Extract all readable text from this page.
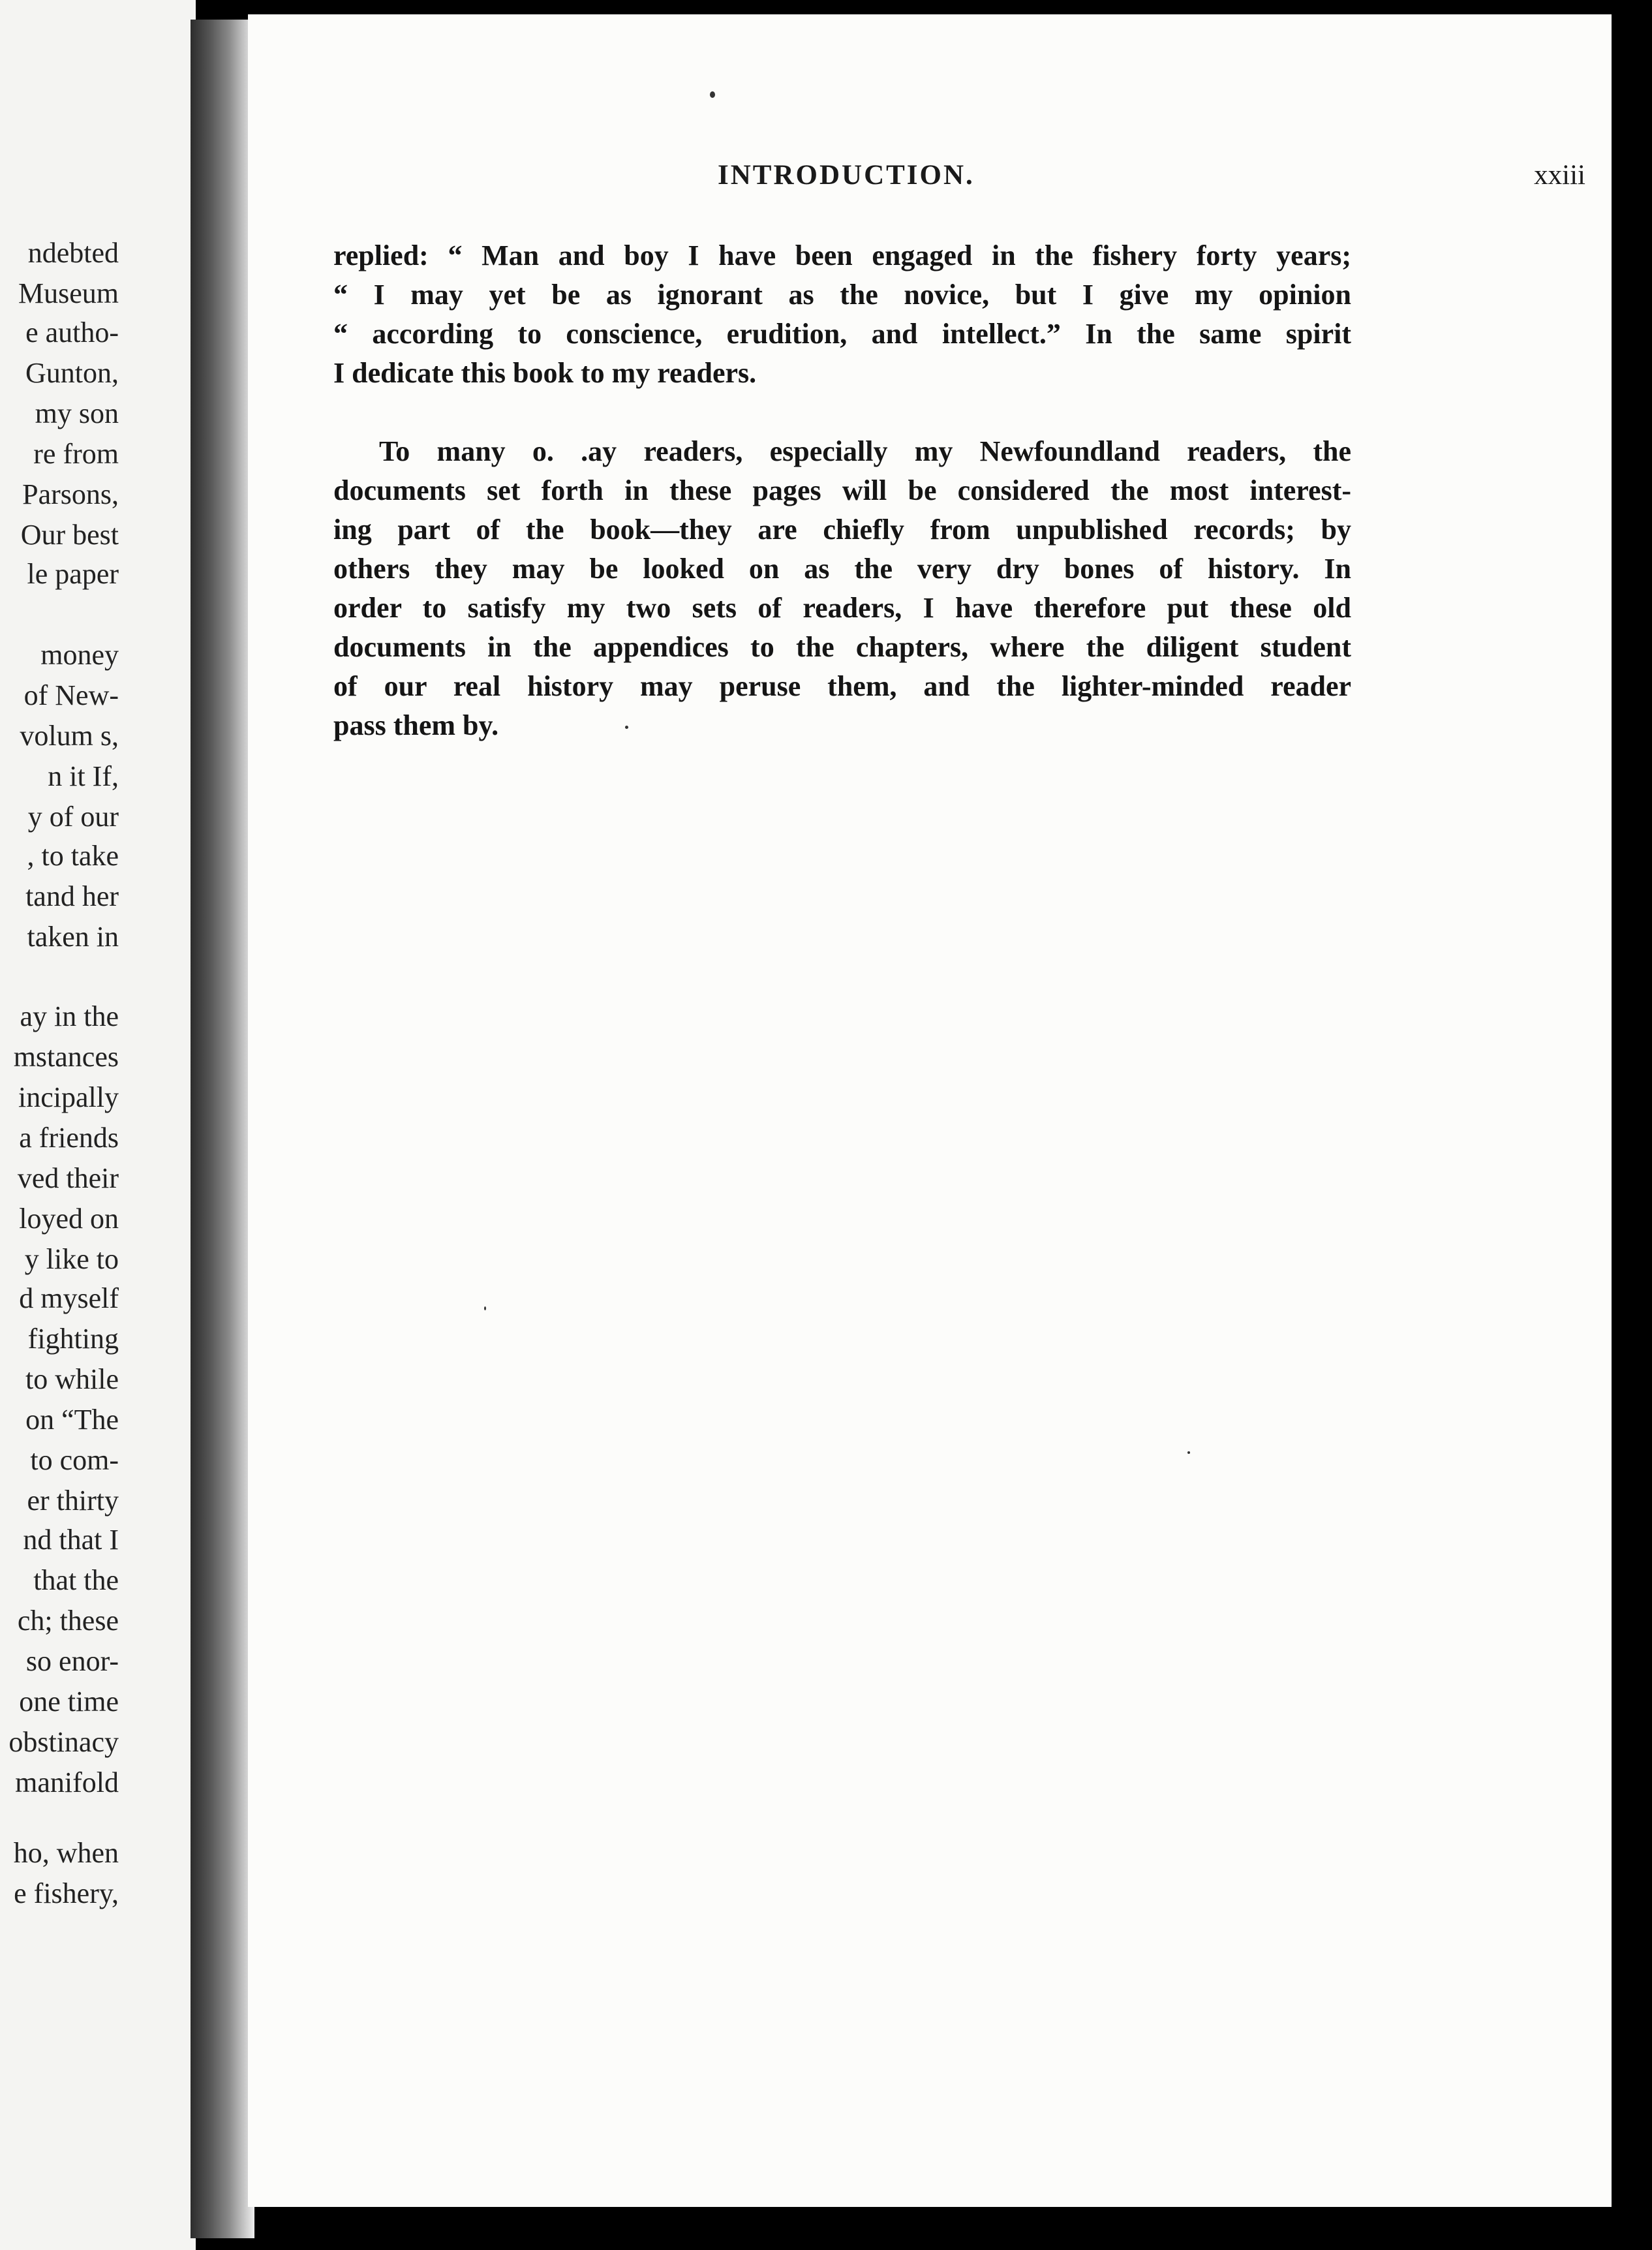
ndebted
Museum
e autho-
Gunton,
my son
re from
Parsons,
Our best
le paper
money
of New-
volum s,
n it If,
y of our
, to take
tand her
taken in
ay in the
mstances
incipally
a friends
ved their
loyed on
y like to
d myself
fighting
to while
on “The
to com-
er thirty
nd that I
that the
ch; these
so enor-
one time
obstinacy
manifold
ho, when
e fishery,
INTRODUCTION.	xxiii
replied: “ Man and boy I have been engaged in the fishery forty years;
“ I may yet be as ignorant as the novice, but I give my opinion
“ according to conscience, erudition, and intellect.” In the same spirit
I dedicate this book to my readers.
To many o. .ay readers, especially my Newfoundland readers, the
documents set forth in these pages will be considered the most interest-
ing part of the book—they are chiefly from unpublished records; by
others they may be looked on as the very dry bones of history. In
order to satisfy my two sets of readers, I have therefore put these old
documents in the appendices to the chapters, where the diligent student
of our real history may peruse them, and the lighter-minded reader
pass them by.
